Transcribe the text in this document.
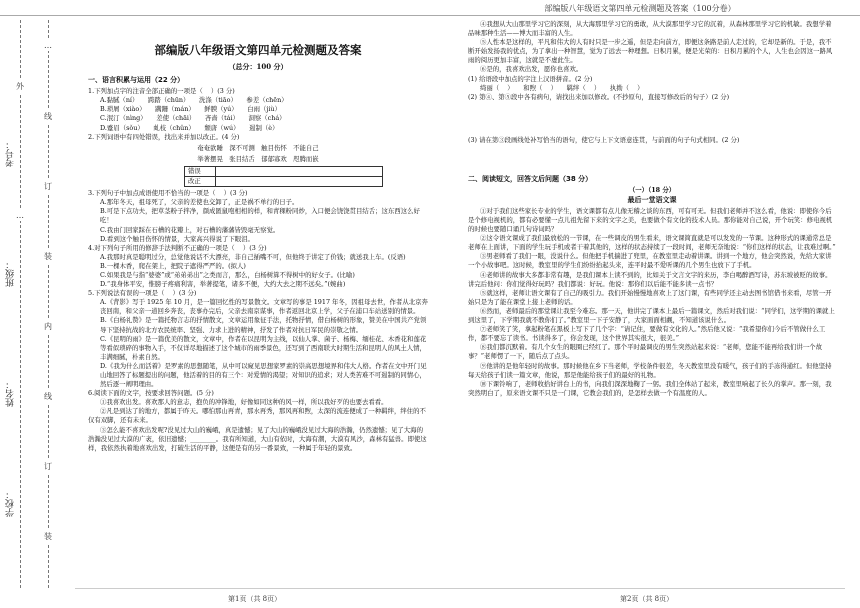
部编版八年级语文第四单元检测题及答案（100分卷）
学校：
姓名：
班级：
考号：
…
线
订
装
内
线
订
装
外
…
部编版八年级语文第四单元检测题及答案
（总分：100 分）
一、语言积累与运用（22 分）

1.下列加点字的注音全部正确的一项是（    ）(3 分)

A.黏膩（ní）　　跨踏（chūn）　　洗涤（tiāo）　　参差（chēn）

B.琐屑（xiào）　　蹒跚（mán）　　鲜腴（yú）　　白雨（jiù）

C.泯汀（nìng）　　差使（chāi）　　吝啬（tái）　　洞察（chá）

D.蹙眉（sǒu）　　虬枝（chǔn）　　颓唐（wú）　　遏制（è）

2.下列词语中有四处错误，找出来并加以改正。(4 分)

奄奄欲睡　深不可测　触目伤怀　不能自己
举著摆晃　张目结舌　郁郁寡欢　咫腾而嵌
错误	
改正	

3.下列句子中加点成语使用不恰当的一项是（    ）(3 分)

A.那年冬天，祖母死了，父亲的差使也交卸了，正是祸不单行的日子。

B.可是下点功夫，把草茎粉子拌净，颜成匿鼠咆相相的样，和青稞粉同炒，入口便会饶饶贯目结舌；这东西这么好吃！

C.我由门回家踩在石槽的花瓣上，对石槽的藩藩皆毁毫无察觉。

D.看到这个触目伤怀的情景，大家高兴得说了下眼泪。

4.对下列句子所用的修辞手法判断不正确的一项是（    ）(3 分)

A.我那时真是聪明过分，总觉他说话不大漂亮，非自己插嘴不可，但他终于讲定了价钱；就送我上车。(反语)

B.一棵木香，爬在架上，把院子遮得严严的。(拟人)

C.如果我是与指“婆婆”或“弟弟弟出”之类而言，那么，白杨树算不得树中的好女子。(比喻)

D.“我身体平安，惟膀子疼痛利害，举著提笔，诸多不便，大约大去之期不远矣。”(婉曲)

5.下列说法有误的一项是（    ）(3 分)

A.《背影》写于 1925 年 10 月，是一篇回忆性的写景散文。文章写的事是 1917 年冬，因祖母去世，作者从北京奔丧回南，和父亲一道回乡奔丧，丧事办完后，父亲去南京谋事，作者返回北京上学，父子在浦口车站送别的情景。

B.《白杨礼赞》是一篇托物言志的抒情散文，文章运用象征手法，托物抒情，借白杨树的形象，赞美在中国共产党领导下坚持抗战的北方农民统率、坚强、力求上进的精神，抒发了作者对抗日军民的崇敬之情。

C.《昆明的雨》是一篇优美的散文，文章中，作者在以昆明为主线，以仙人掌、菌子、杨梅、缅桂花、木香花和莲花等看似琐碎的事物入手，不仅详尽地描述了这个城市的雨季景色，还写到了西南联大时期生活和昆明人的风土人情，丰满细腻，朴素自然。

D.《我为什么而活着》是罗素的思想随笔，从中可以窥见思想家罗素的崇高思想境界和伟大人格。作者在文中开门见山地回答了标题提出的问题，他活着的目的有三个：对爱情的渴望；对知识的追求；对人类苦难不可遏制的同情心，然后逐一阐明理由。

6.阅读下面的文字，按要求回答问题。(5 分)

①我喜欢出发。喜欢那人的意志，抱负的冲锋地，好像如同这种的风一样，所以我好歹的也要去看看。

②凡是到达了的地方，都属于昨天。哪怕那山再青，那水再秀，那风再和煦，太深的流连便成了一种羁绊，绊住的不仅有双脚，还有未来。

③怎么能不喜欢出发呢?没见过大山的巍峨，真是遗憾；见了大山的巍峨没见过大海的浩瀚，仍然遗憾；见了大海的浩瀚没见过大漠的广袤，依旧遗憾；________。我有所知道，大山有依时，大海有潮，大漠有风沙，森林有猛兽。即使这样，我依然执着地喜欢出发，打破生活的平静，这便是有的另一番景致，一种属于年轻的景致。

④我想从大山那里学习它的深刻，从大海那里学习它的勇敢，从大漠那里学习它的沉着，从森林那里学习它的机敏。我想学着品味那种生活——博大而丰富的人生。

⑤人性本是这样的，平凡和伟大的人有时只是一步之遥，但是走向前方，即便这条路是前人走过的，它却是新的。于是，我不断开始发扬我的优点，为了拿出一种智慧，觉为了远去一种理想。日积月累，便是光荣的：日积月累的个人，人生也会因这一路风雨的阅历更加丰富，这就是不虚此生。

⑥是的，我喜欢出发，愿你也喜欢。

(1) 给语段中加点的字注上汉语拼音。(2 分)

绮丽（    ）　　和煦（    ）　　羁绊（    ）　　执拗（    ）

(2) 第④、第⑤段中各有病句，请找出来加以修改。(不抄原句，直接写修改后的句子）(2 分)

(3) 请在第③段画线处补写恰当的语句，使它与上下文语意连贯，与前面的句子句式相同。(2 分)

二、阅读短文，回答文后问题（38 分）
（一）（18 分）
最后一堂语文课

①对于我们这些家长专业的学生，语文课都有点儿像无稽之谈的东西，可有可无。但我们老师并不这么看，他说：即使你今后是个修电视机的，都有必要懂一点儿祖先留下来的文字之美，也要做个有文化的技术人员。那你能对自己说，开个玩笑：修电视机的时候也要随口诵几句诗词吗？

②这令语文课成了我们最放松的一节课，在一些调皮的男生看来，语文课简直就是可以发发的一节课。这种形式的课通常总是老师在上面讲，下面的学生玩手机或者干着其他的，这样的状态持续了一段时间，老师无奈地说：“你们这样的状态，让我难过啊。”

③男老师看了我们一眼，没说什么。但他把手机揣进了兜里，在教室里走动着讲课。讲到一个地方，他会突然说，先给大家讲一个小故事吧。这时候，教室里的学生们纷纷抬起头来，连平时最不爱听课的几个男生也放下了手机。

④老师讲的故事大多都非常有趣，是我们课本上读不到的，比如关于文言文字的来历，李白喝醉酒写诗，苏东坡被贬的故事。讲完后他问：你们觉得好玩吗？我们都说：好玩。他说：那你们以后能不能多读一点书？

⑤就这样，老师让语文课有了自己的吸引力。我们开始慢慢地喜欢上了这门课，有些同学还主动去图书馆借书来看，尽管一开始只是为了能在课堂上接上老师的话。

⑥然而，老师最后的那堂课让我至今难忘。那一天，他讲完了课本上最后一篇课文，然后对我们说：“同学们，这学期的课就上到这里了，下学期我就不教你们了。”教室里一下子安静了，大家面面相觑，不知道该说什么。

⑦老师笑了笑，拿起粉笔在黑板上写下了几个字：“请记住，要做有文化的人。”然后他又说：“我希望你们今后不管做什么工作，都不要忘了读书。书读得多了，你会发现，这个世界其实很大，很美。”

⑧我们都沉默着。有几个女生的眼圈已经红了。那个平时最调皮的男生突然站起来说：“老师，您能不能再给我们讲一个故事？”老师愣了一下，随后点了点头。

⑨他讲的是他年轻时的故事。那时候他在乡下当老师，学校条件很差，冬天教室里没有暖气，孩子们的手冻得通红。但他坚持每天给孩子们读一篇文章，他说，那是他能给孩子们的最好的礼物。

⑩下课铃响了，老师收拾好讲台上的书，向我们深深地鞠了一躬。我们全体站了起来，教室里响起了长久的掌声。那一刻，我突然明白了，原来语文课不只是一门课，它教会我们的，是怎样去做一个有温度的人。

第1页（共 8页）	第2页（共 8页）
